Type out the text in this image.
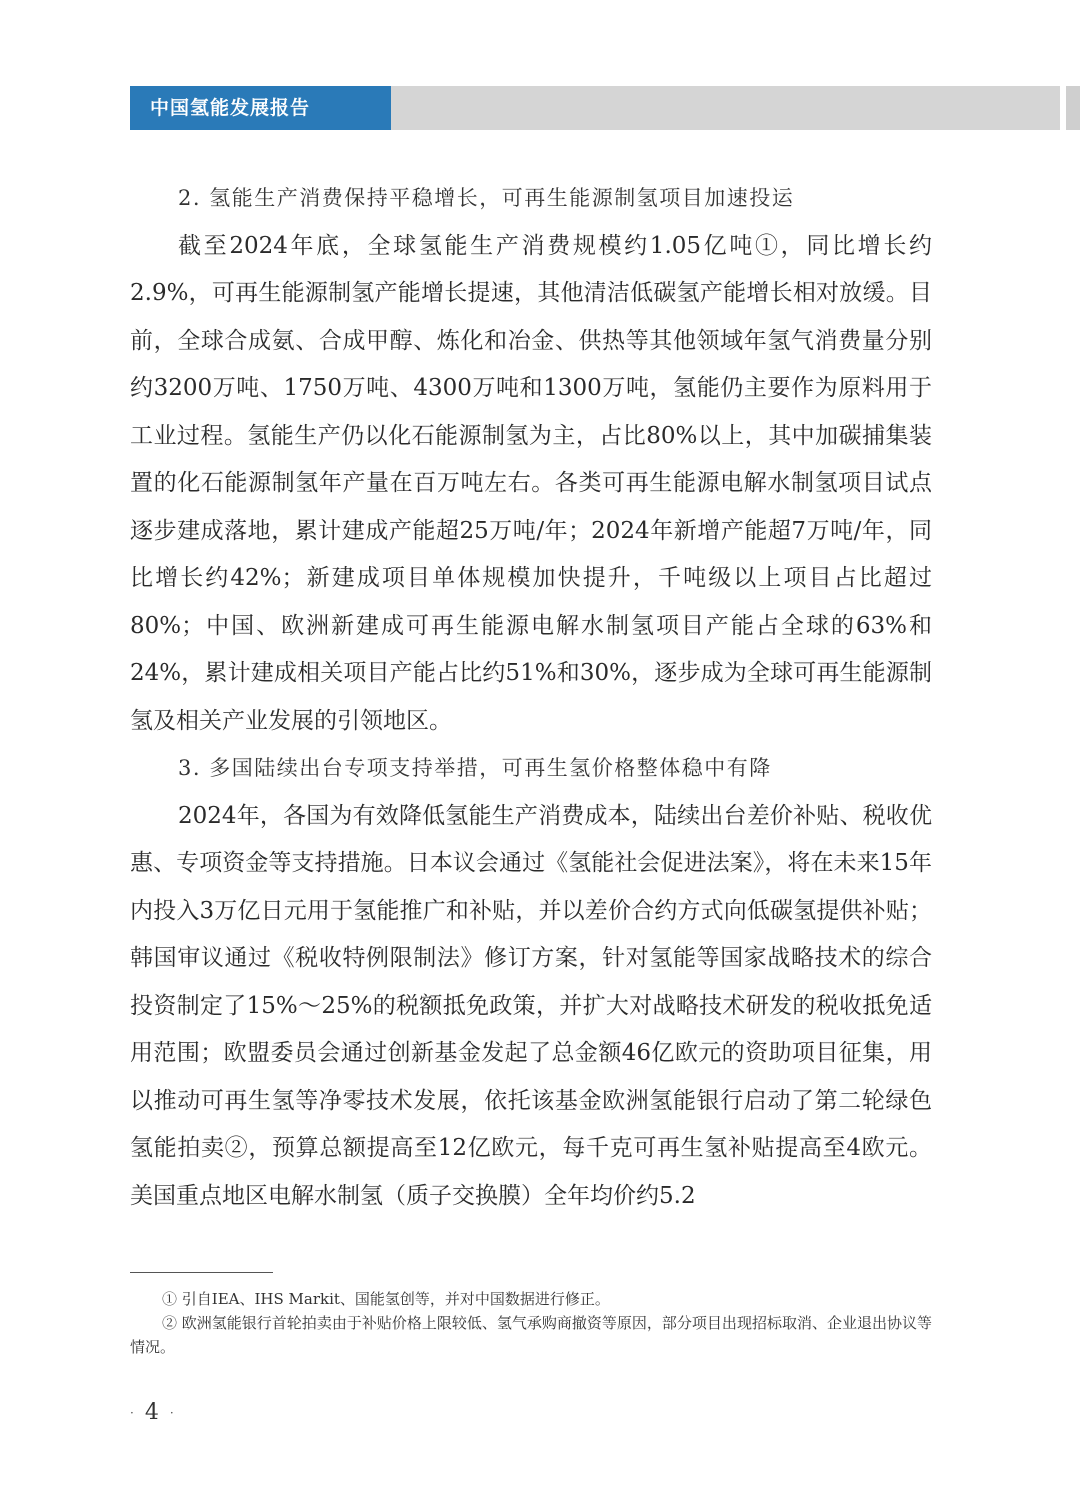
中国氢能发展报告
2. 氢能生产消费保持平稳增长，可再生能源制氢项目加速投运

截至2024年底，全球氢能生产消费规模约1.05亿吨①，同比增长约2.9%，可再生能源制氢产能增长提速，其他清洁低碳氢产能增长相对放缓。目前，全球合成氨、合成甲醇、炼化和冶金、供热等其他领域年氢气消费量分别约3200万吨、1750万吨、4300万吨和1300万吨，氢能仍主要作为原料用于工业过程。氢能生产仍以化石能源制氢为主，占比80%以上，其中加碳捕集装置的化石能源制氢年产量在百万吨左右。各类可再生能源电解水制氢项目试点逐步建成落地，累计建成产能超25万吨/年；2024年新增产能超7万吨/年，同比增长约42%；新建成项目单体规模加快提升，千吨级以上项目占比超过80%；中国、欧洲新建成可再生能源电解水制氢项目产能占全球的63%和24%，累计建成相关项目产能占比约51%和30%，逐步成为全球可再生能源制氢及相关产业发展的引领地区。

3. 多国陆续出台专项支持举措，可再生氢价格整体稳中有降

2024年，各国为有效降低氢能生产消费成本，陆续出台差价补贴、税收优惠、专项资金等支持措施。日本议会通过《氢能社会促进法案》，将在未来15年内投入3万亿日元用于氢能推广和补贴，并以差价合约方式向低碳氢提供补贴；韩国审议通过《税收特例限制法》修订方案，针对氢能等国家战略技术的综合投资制定了15%～25%的税额抵免政策，并扩大对战略技术研发的税收抵免适用范围；欧盟委员会通过创新基金发起了总金额46亿欧元的资助项目征集，用以推动可再生氢等净零技术发展，依托该基金欧洲氢能银行启动了第二轮绿色氢能拍卖②，预算总额提高至12亿欧元，每千克可再生氢补贴提高至4欧元。美国重点地区电解水制氢（质子交换膜）全年均价约5.2

① 引自IEA、IHS Markit、国能氢创等，并对中国数据进行修正。

② 欧洲氢能银行首轮拍卖由于补贴价格上限较低、氢气承购商撤资等原因，部分项目出现招标取消、企业退出协议等情况。

· 4 ·
